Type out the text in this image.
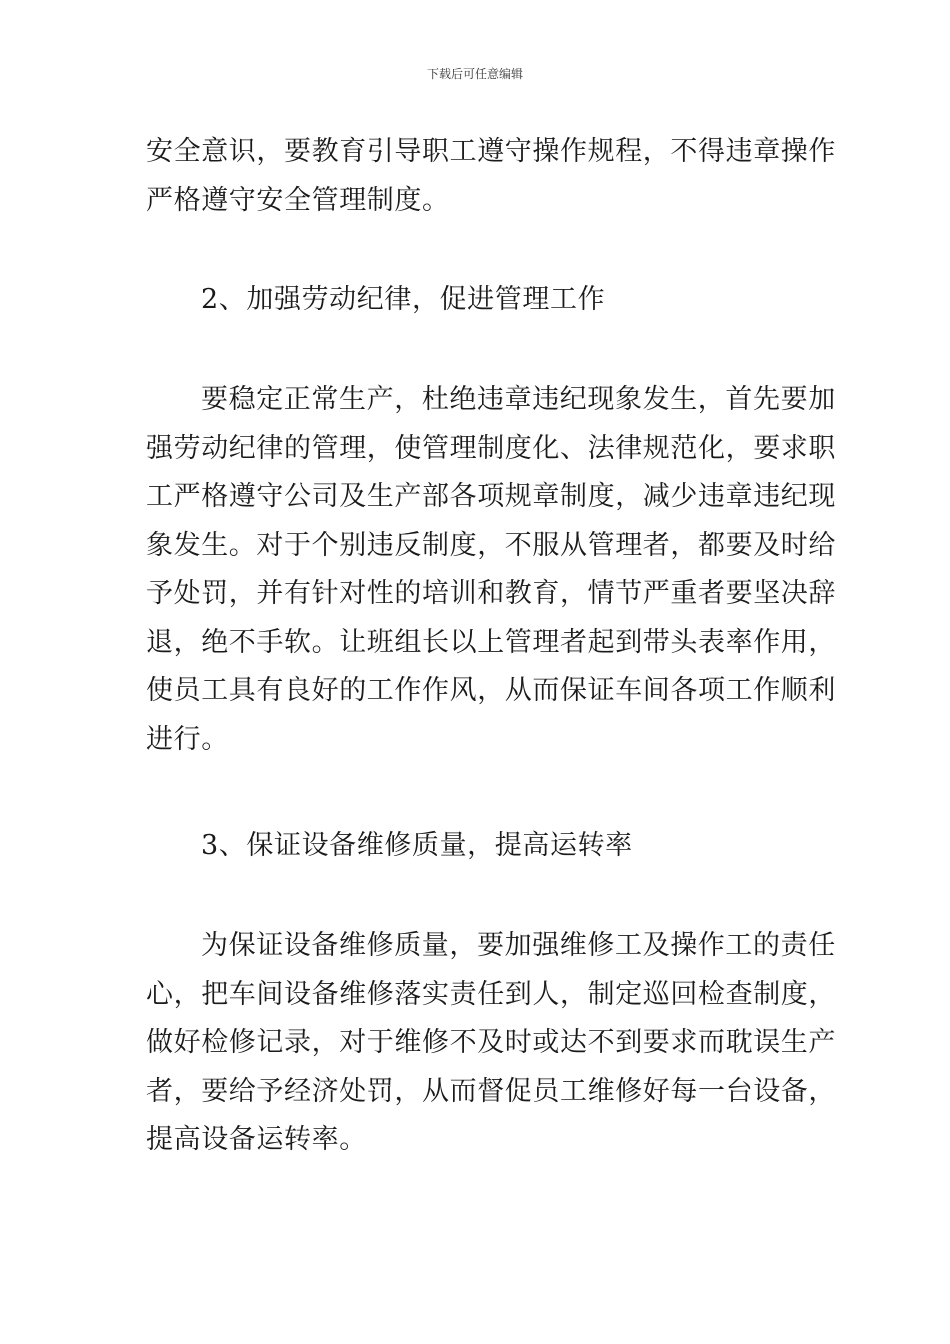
下载后可任意编辑
安全意识，要教育引导职工遵守操作规程，不得违章操作
严格遵守安全管理制度。
2、加强劳动纪律，促进管理工作
要稳定正常生产，杜绝违章违纪现象发生，首先要加
强劳动纪律的管理，使管理制度化、法律规范化，要求职
工严格遵守公司及生产部各项规章制度，减少违章违纪现
象发生。对于个别违反制度，不服从管理者，都要及时给
予处罚，并有针对性的培训和教育，情节严重者要坚决辞
退，绝不手软。让班组长以上管理者起到带头表率作用，
使员工具有良好的工作作风，从而保证车间各项工作顺利
进行。
3、保证设备维修质量，提高运转率
为保证设备维修质量，要加强维修工及操作工的责任
心，把车间设备维修落实责任到人，制定巡回检查制度，
做好检修记录，对于维修不及时或达不到要求而耽误生产
者，要给予经济处罚，从而督促员工维修好每一台设备，
提高设备运转率。
